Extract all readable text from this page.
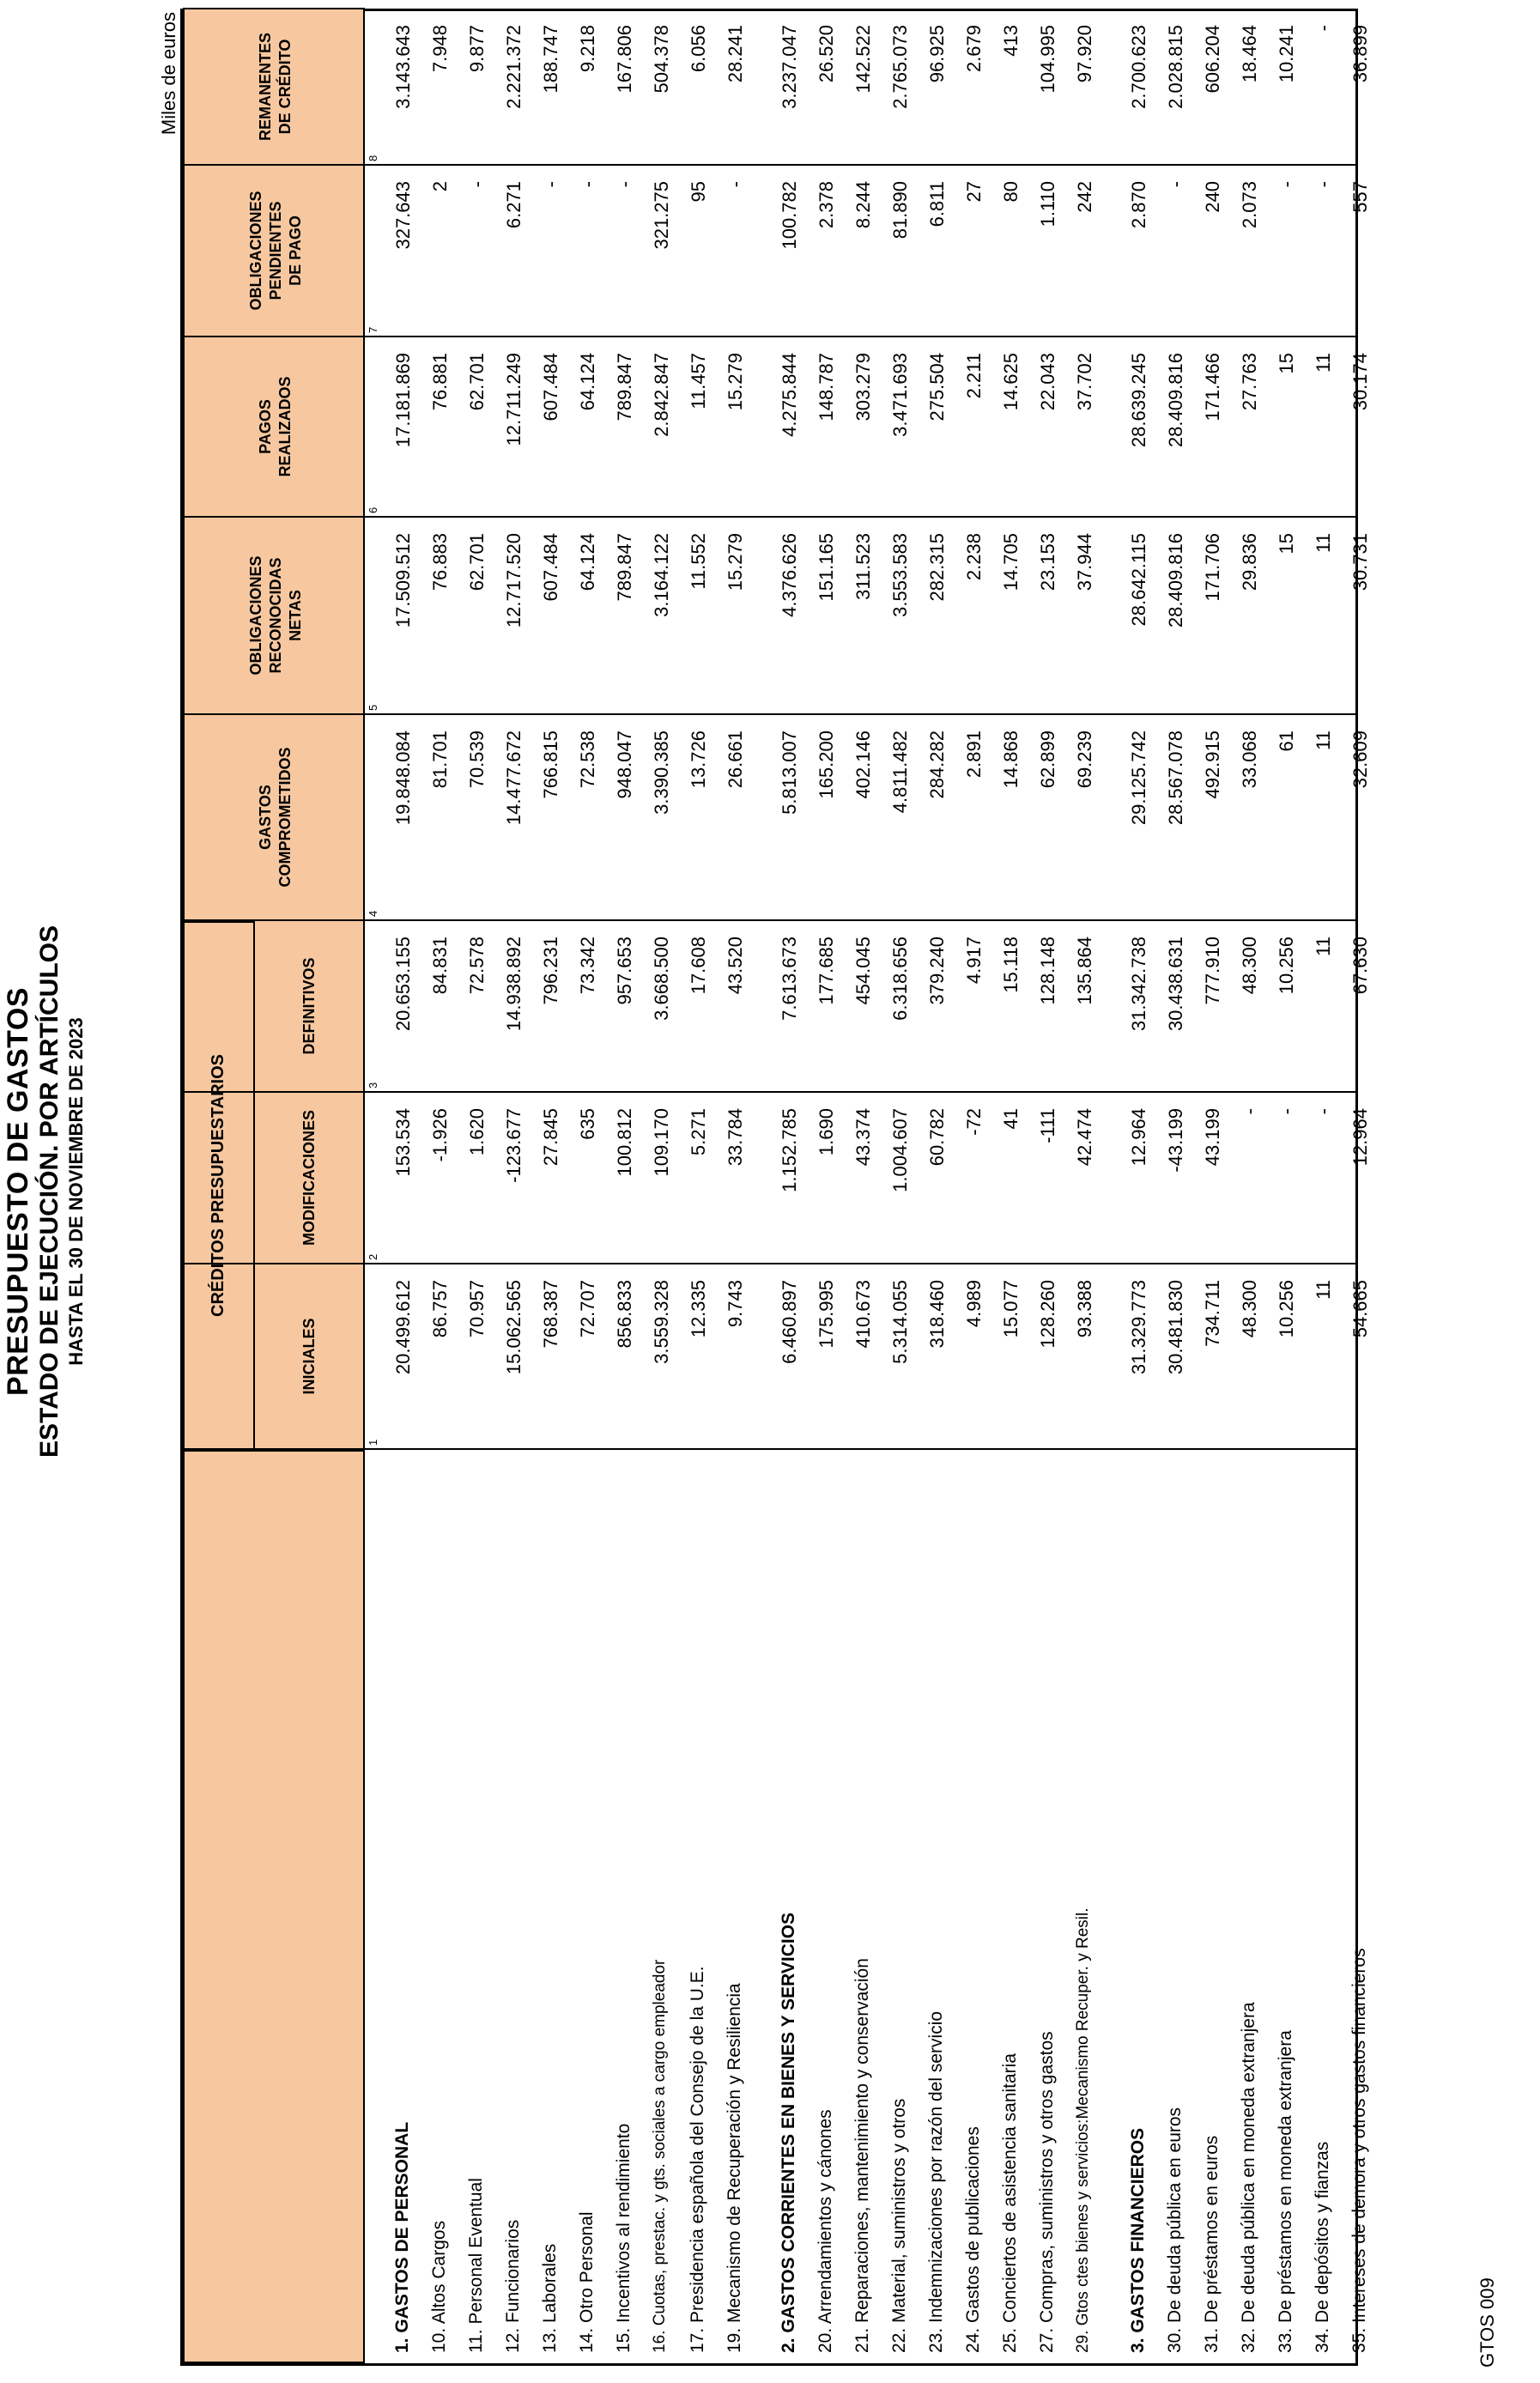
PRESUPUESTO DE GASTOS ESTADO DE EJECUCIÓN. POR ARTÍCULOS HASTA EL 30 DE NOVIEMBRE DE 2023
Miles de euros
GTOS 009
CRÉDITOS PRESUPUESTARIOS
INICIALES
MODIFICACIONES
DEFINITIVOS
GASTOS COMPROMETIDOS
OBLIGACIONES RECONOCIDAS NETAS
PAGOS REALIZADOS
OBLIGACIONES PENDIENTES DE PAGO
REMANENTES DE CRÉDITO
1
2
3
4
5
6
7
8
1. GASTOS DE PERSONAL
20.499.612
153.534
20.653.155
19.848.084
17.509.512
17.181.869
327.643
3.143.643
10. Altos Cargos
86.757
-1.926
84.831
81.701
76.883
76.881
2
7.948
11. Personal Eventual
70.957
1.620
72.578
70.539
62.701
62.701
-
9.877
12. Funcionarios
15.062.565
-123.677
14.938.892
14.477.672
12.717.520
12.711.249
6.271
2.221.372
13. Laborales
768.387
27.845
796.231
766.815
607.484
607.484
-
188.747
14. Otro Personal
72.707
635
73.342
72.538
64.124
64.124
-
9.218
15. Incentivos al rendimiento
856.833
100.812
957.653
948.047
789.847
789.847
-
167.806
16. Cuotas, prestac. y gts. sociales a cargo empleador
3.559.328
109.170
3.668.500
3.390.385
3.164.122
2.842.847
321.275
504.378
17. Presidencia española del Consejo de la U.E.
12.335
5.271
17.608
13.726
11.552
11.457
95
6.056
19. Mecanismo de Recuperación y Resiliencia
9.743
33.784
43.520
26.661
15.279
15.279
-
28.241
2. GASTOS CORRIENTES EN BIENES Y SERVICIOS
6.460.897
1.152.785
7.613.673
5.813.007
4.376.626
4.275.844
100.782
3.237.047
20. Arrendamientos y cánones
175.995
1.690
177.685
165.200
151.165
148.787
2.378
26.520
21. Reparaciones, mantenimiento y conservación
410.673
43.374
454.045
402.146
311.523
303.279
8.244
142.522
22. Material, suministros y otros
5.314.055
1.004.607
6.318.656
4.811.482
3.553.583
3.471.693
81.890
2.765.073
23. Indemnizaciones por razón del servicio
318.460
60.782
379.240
284.282
282.315
275.504
6.811
96.925
24. Gastos de publicaciones
4.989
-72
4.917
2.891
2.238
2.211
27
2.679
25. Conciertos de asistencia sanitaria
15.077
41
15.118
14.868
14.705
14.625
80
413
27. Compras, suministros y otros gastos
128.260
-111
128.148
62.899
23.153
22.043
1.110
104.995
29. Gtos ctes bienes y servicios:Mecanismo Recuper. y Resil.
93.388
42.474
135.864
69.239
37.944
37.702
242
97.920
3. GASTOS FINANCIEROS
31.329.773
12.964
31.342.738
29.125.742
28.642.115
28.639.245
2.870
2.700.623
30. De deuda pública en euros
30.481.830
-43.199
30.438.631
28.567.078
28.409.816
28.409.816
-
2.028.815
31. De préstamos en euros
734.711
43.199
777.910
492.915
171.706
171.466
240
606.204
32. De deuda pública en moneda extranjera
48.300
-
48.300
33.068
29.836
27.763
2.073
18.464
33. De préstamos en moneda extranjera
10.256
-
10.256
61
15
15
-
10.241
34. De depósitos y fianzas
11
-
11
11
11
11
-
-
35. Intereses de demora y otros gastos financieros
54.665
12.964
67.630
32.609
30.731
30.174
557
36.899
